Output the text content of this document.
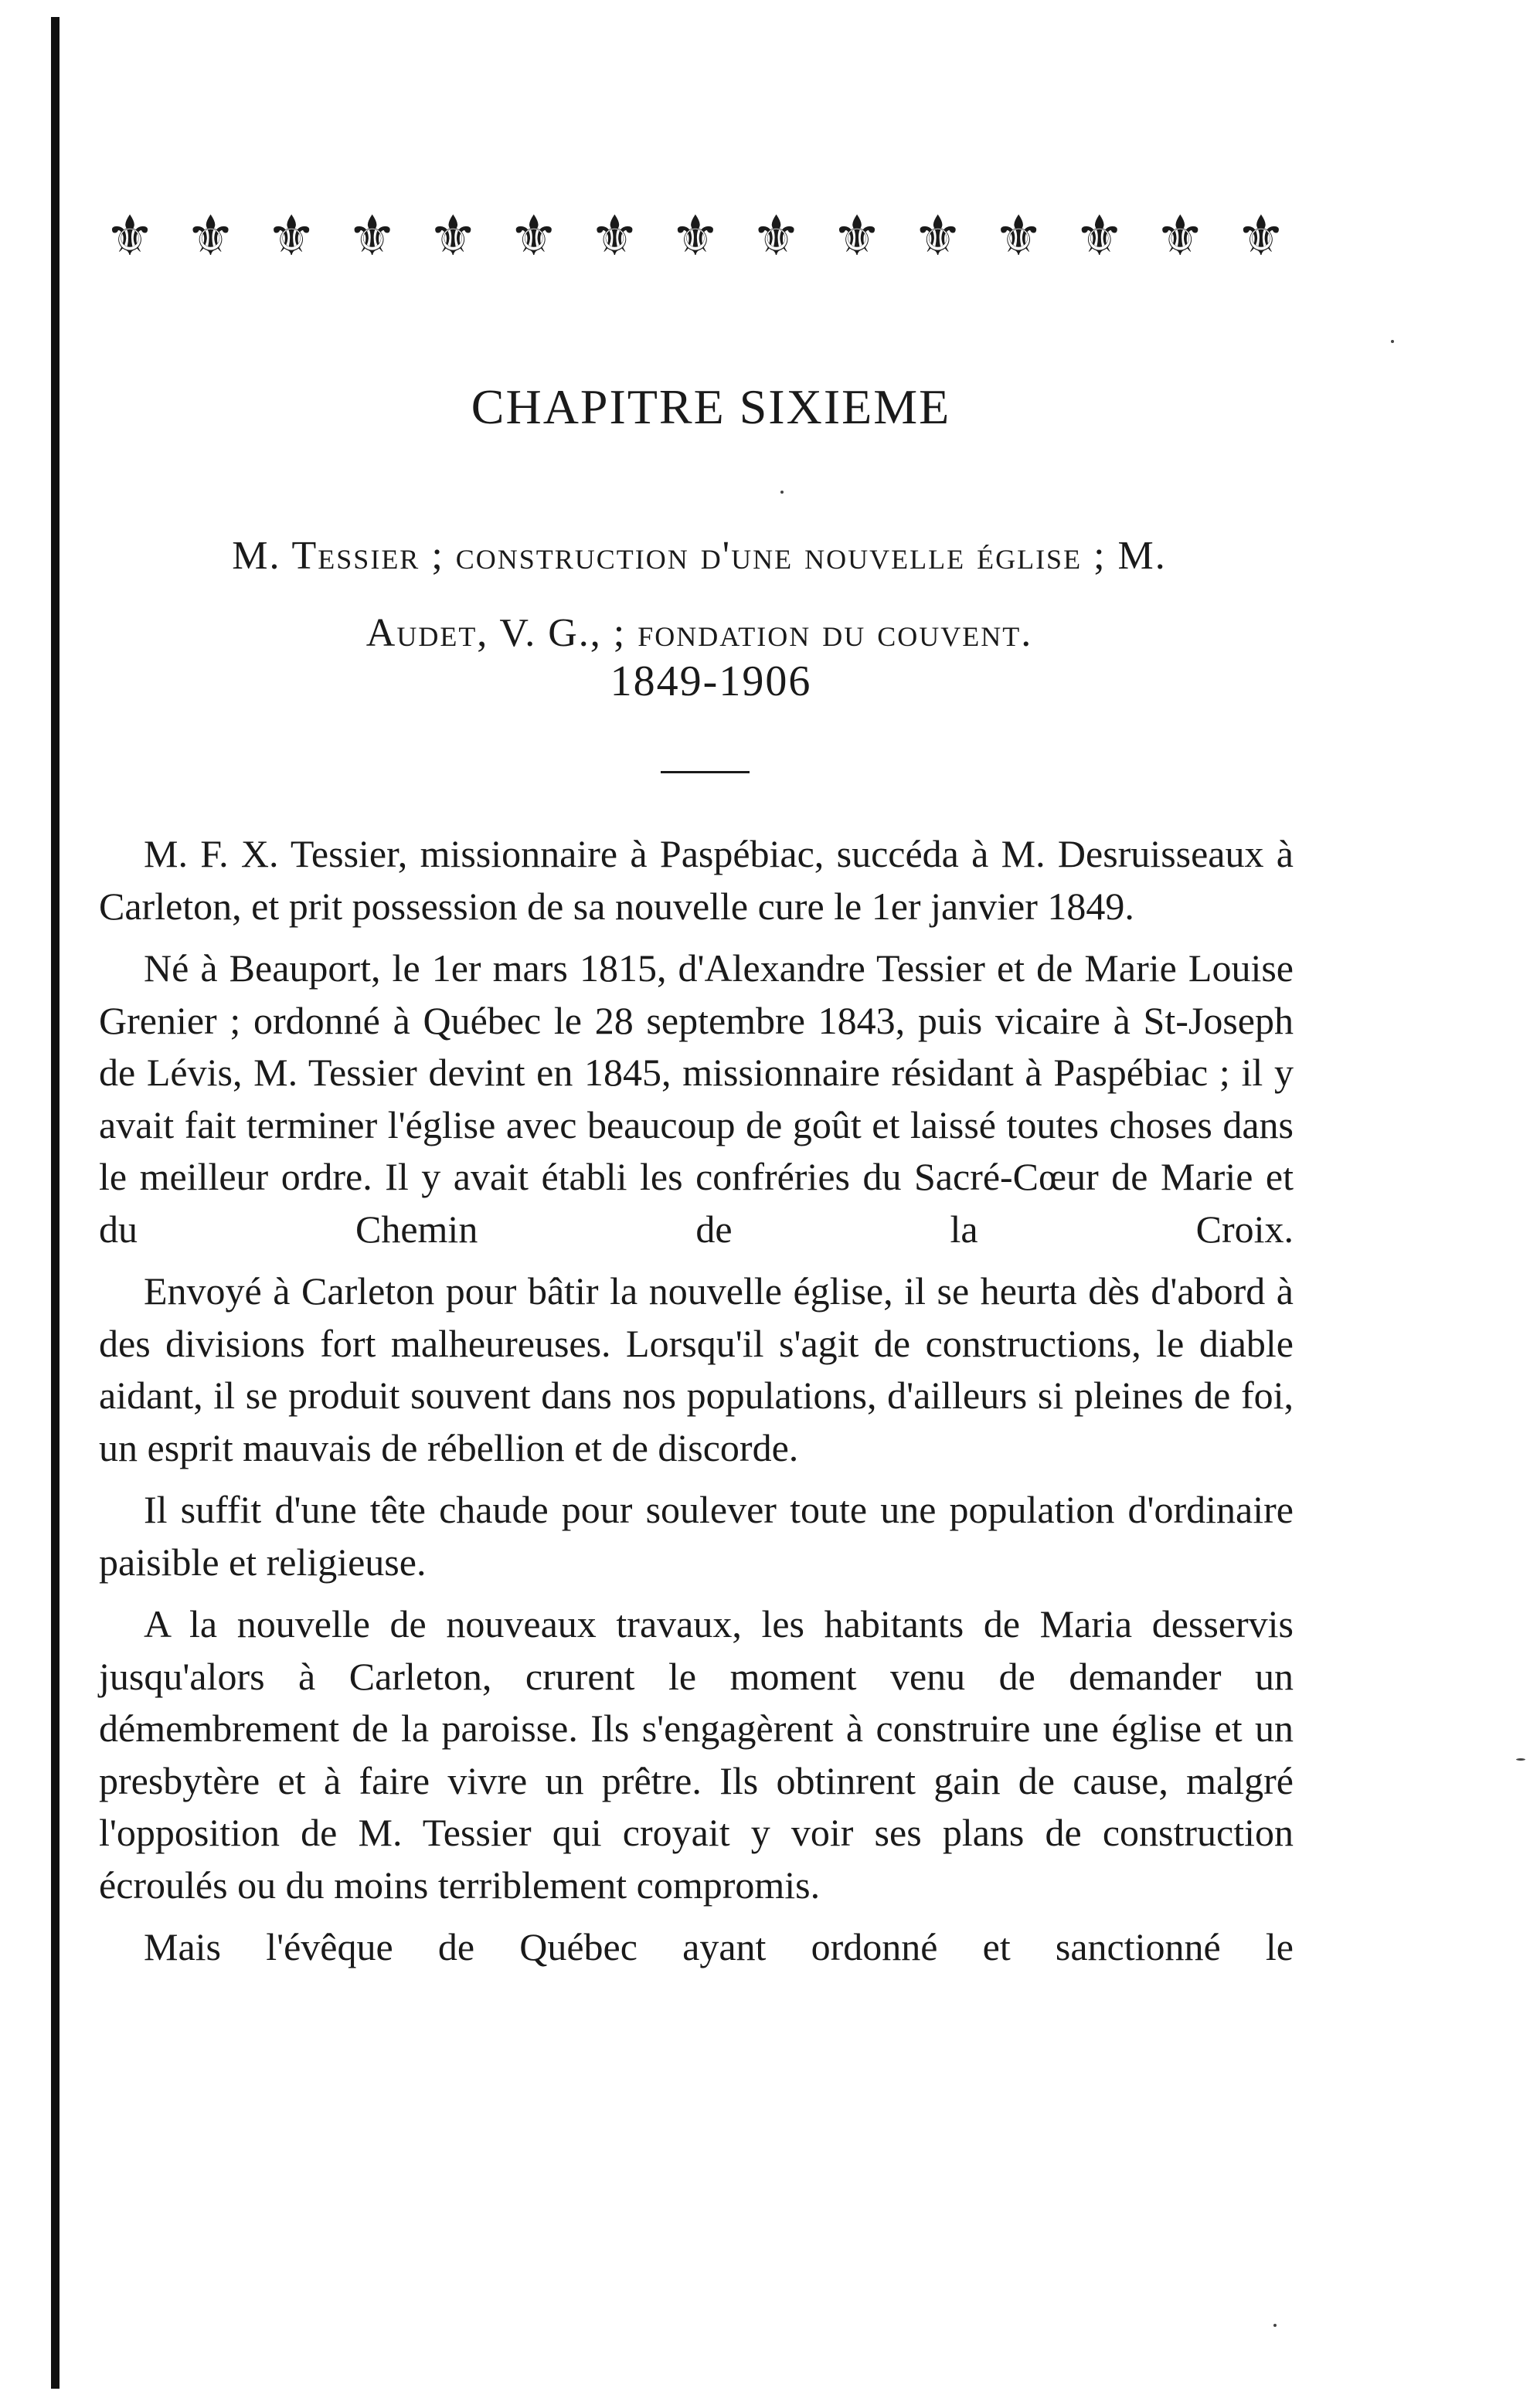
⚜ ⚜ ⚜ ⚜ ⚜ ⚜ ⚜ ⚜ ⚜ ⚜ ⚜ ⚜ ⚜ ⚜ ⚜
CHAPITRE SIXIEME
M. Tessier ; construction d'une nouvelle église ; M.
Audet, V. G., ; fondation du couvent.
1849-1906

M. F. X. Tessier, missionnaire à Paspébiac, succéda à M. Desruisseaux à Carleton, et prit possession de sa nouvelle cure le 1er janvier 1849.

Né à Beauport, le 1er mars 1815, d'Alexandre Tessier et de Marie Louise Grenier ; ordonné à Québec le 28 septembre 1843, puis vicaire à St-Joseph de Lévis, M. Tessier devint en 1845, missionnaire résidant à Paspébiac ; il y avait fait terminer l'église avec beaucoup de goût et laissé toutes choses dans le meilleur ordre. Il y avait établi les confréries du Sacré-Cœur de Marie et du Chemin de la Croix.

Envoyé à Carleton pour bâtir la nouvelle église, il se heurta dès d'abord à des divisions fort malheureuses. Lorsqu'il s'agit de constructions, le diable aidant, il se produit souvent dans nos populations, d'ailleurs si pleines de foi, un esprit mauvais de rébellion et de discorde.

Il suffit d'une tête chaude pour soulever toute une population d'ordinaire paisible et religieuse.

A la nouvelle de nouveaux travaux, les habitants de Maria desservis jusqu'alors à Carleton, crurent le moment venu de demander un démembrement de la paroisse. Ils s'engagèrent à construire une église et un presbytère et à faire vivre un prêtre. Ils obtinrent gain de cause, malgré l'opposition de M. Tessier qui croyait y voir ses plans de construction écroulés ou du moins terriblement compromis.

Mais l'évêque de Québec ayant ordonné et sanctionné le
